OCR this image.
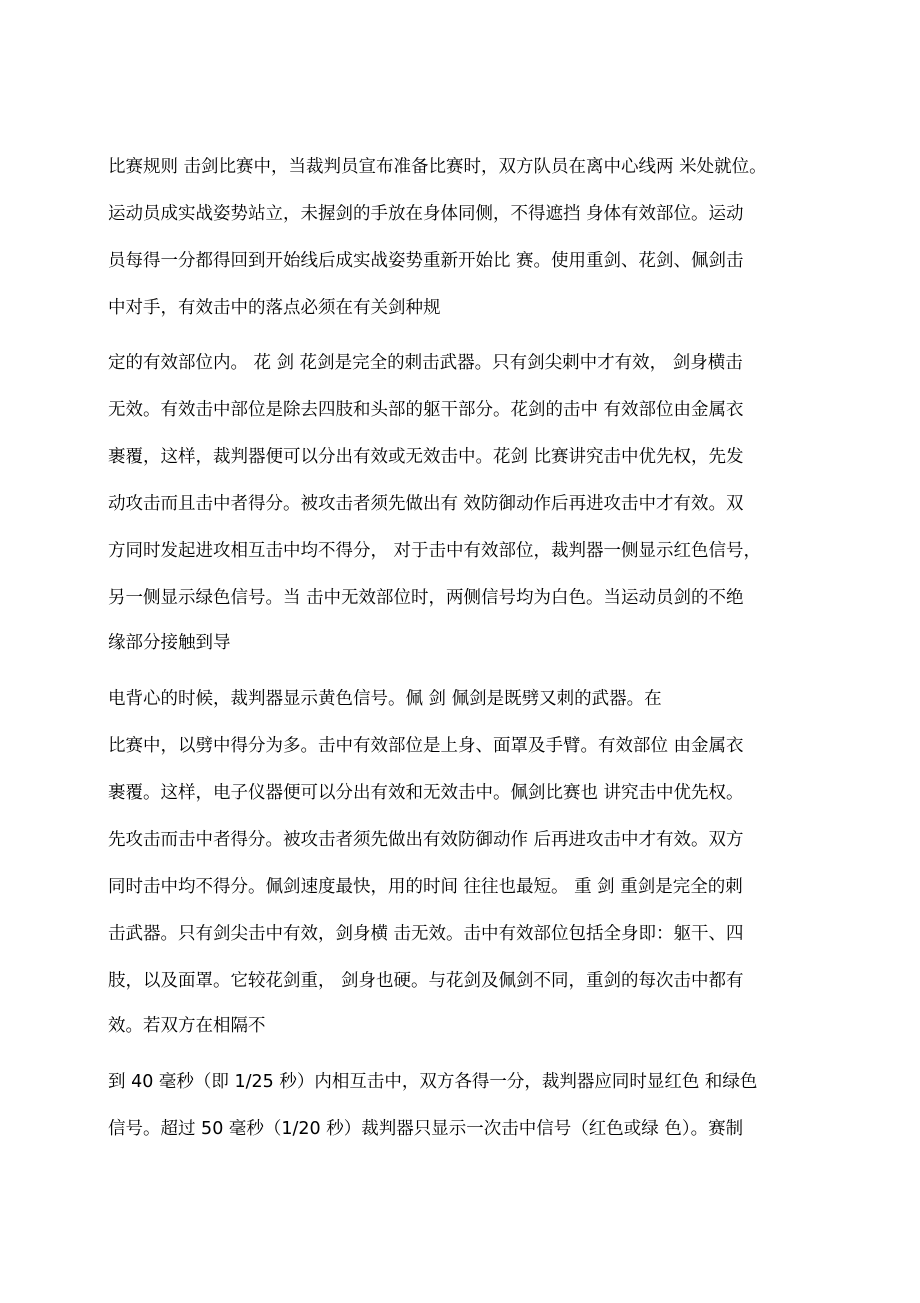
比赛规则 击剑比赛中，当裁判员宣布准备比赛时，双方队员在离中心线两 米处就位。
运动员成实战姿势站立，未握剑的手放在身体同侧，不得遮挡 身体有效部位。运动
员每得一分都得回到开始线后成实战姿势重新开始比 赛。使用重剑、花剑、佩剑击
中对手，有效击中的落点必须在有关剑种规
定的有效部位内。 花 剑 花剑是完全的刺击武器。只有剑尖刺中才有效， 剑身横击
无效。有效击中部位是除去四肢和头部的躯干部分。花剑的击中 有效部位由金属衣
裹覆，这样，裁判器便可以分出有效或无效击中。花剑 比赛讲究击中优先权，先发
动攻击而且击中者得分。被攻击者须先做出有 效防御动作后再进攻击中才有效。双
方同时发起进攻相互击中均不得分， 对于击中有效部位，裁判器一侧显示红色信号，
另一侧显示绿色信号。当 击中无效部位时，两侧信号均为白色。当运动员剑的不绝
缘部分接触到导
电背心的时候，裁判器显示黄色信号。佩 剑 佩剑是既劈又刺的武器。在
比赛中，以劈中得分为多。击中有效部位是上身、面罩及手臂。有效部位 由金属衣
裹覆。这样，电子仪器便可以分出有效和无效击中。佩剑比赛也 讲究击中优先权。
先攻击而击中者得分。被攻击者须先做出有效防御动作 后再进攻击中才有效。双方
同时击中均不得分。佩剑速度最快，用的时间 往往也最短。 重 剑 重剑是完全的刺
击武器。只有剑尖击中有效，剑身横 击无效。击中有效部位包括全身即：躯干、四
肢，以及面罩。它较花剑重， 剑身也硬。与花剑及佩剑不同，重剑的每次击中都有
效。若双方在相隔不
到 40 毫秒（即 1/25 秒）内相互击中，双方各得一分，裁判器应同时显红色 和绿色
信号。超过 50 毫秒（1/20 秒）裁判器只显示一次击中信号（红色或绿 色）。赛制
